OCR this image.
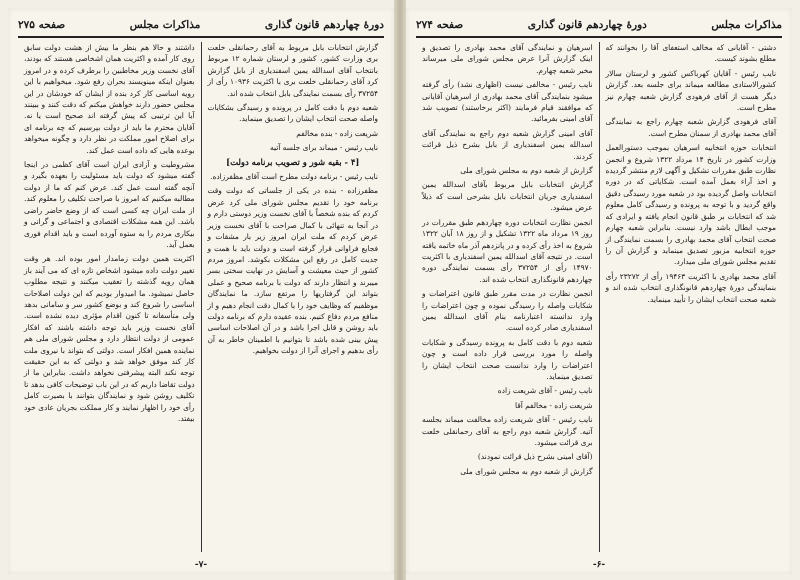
دورهٔ چهاردهم قانون گذاری
مذاکرات مجلس
صفحه ۲۷۵

گزارش انتخابات بابل مربوط به آقای رحمانقلی خلعت بری وزارت کشور، کشور و لرستان شماره ۱۲ مربوط بانتخاب آقای اسدالله یمین اسفندیاری از بابل گزارش کرد آقای رحمانقلی خلعت بری با اکثریت ۱۰۹۳۶ رأی از ۳۷۲۵۴ رأی بسمت نمایندگی بابل انتخاب شده اند.

شعبه دوم با دقت کامل در پرونده و رسیدگی بشکایات واصله صحت انتخاب ایشان را تصدیق مینماید.

شریعت زاده - بنده مخالفم

نایب رئیس - میماند برای جلسه آتیه

[۴ - بقیه شور و تصویب برنامه دولت]

نایب رئیس - برنامه دولت مطرح است آقای مظفرزاده.

مظفرزاده - بنده در یکی از جلساتی که دولت وقت برنامه خود را تقدیم مجلس شورای ملی کرد عرض کردم که بنده شخصاً با آقای نخست وزیر دوستی دارم و در آنجا به تنهائی با کمال صراحت با آقای نخست وزیر عرض کردم که ملت ایران امروز زیر بار مشقات و فجایع فراوانی قرار گرفته است و دولت باید با همت و جدیت کامل در رفع این مشکلات بکوشد. امروز مردم کشور از حیث معیشت و آسایش در نهایت سختی بسر میبرند و انتظار دارند که دولت با برنامه صحیح و عملی بتواند این گرفتاریها را مرتفع سازد. ما نمایندگان موظفیم که وظایف خود را با کمال دقت انجام دهیم و از منافع مردم دفاع کنیم. بنده عقیده دارم که برنامه دولت باید روشن و قابل اجرا باشد و در آن اصلاحات اساسی پیش بینی شده باشد تا بتوانیم با اطمینان خاطر به آن رأی بدهیم و اجرای آنرا از دولت بخواهیم.

داشتند و حالا هم بنظر ما بیش از هشت دولت سابق روی کار آمده و اکثریت همان اشخاصی هستند که بودند، آقای نخست وزیر مخاطبین را برطرف کرده و در امروز بعنوان اینکه مینویسند بحران رفع شود. میخواهیم با این رویه اساسی کار کرد بنده از ایشان که خودشان در این مجلس حضور دارند خواهش میکنم که دقت کنند و ببینند آیا این ترتیبی که پیش گرفته اند صحیح است یا نه. آقایان محترم ما باید از دولت بپرسیم که چه برنامه ای برای اصلاح امور مملکت در نظر دارد و چگونه میخواهد بوعده هایی که داده است عمل کند.

مشروطیت و آزادی ایران است آقای کظمی در اینجا گفته میشود که دولت باید مسئولیت را بعهده بگیرد و آنچه گفته است عمل کند. عرض کنم که ما از دولت مطالبه میکنیم که امروز با صراحت تکلیف را معلوم کند. از ملت ایران چه کسی است که از وضع حاضر راضی باشد. این همه مشکلات اقتصادی و اجتماعی و گرانی و بیکاری مردم را به ستوه آورده است و باید اقدام فوری بعمل آید.

اکثریت همین دولت زمامدار امور بوده اند. هر وقت تغییر دولت داده میشود اشخاص تازه ای که می آیند باز همان رویه گذشته را تعقیب میکنند و نتیجه مطلوب حاصل نمیشود. ما امیدوار بودیم که این دولت اصلاحات اساسی را شروع کند و بوضع کشور سر و سامانی بدهد ولی متأسفانه تا کنون اقدام مؤثری دیده نشده است. آقای نخست وزیر باید توجه داشته باشند که افکار عمومی از دولت انتظار دارد و مجلس شورای ملی هم نماینده همین افکار است. دولتی که بتواند با نیروی ملت کار کند موفق خواهد شد و دولتی که به این حقیقت توجه نکند البته پیشرفتی نخواهد داشت. بنابراین ما از دولت تقاضا داریم که در این باب توضیحات کافی بدهد تا تکلیف روشن شود و نمایندگان بتوانند با بصیرت کامل رأی خود را اظهار نمایند و کار مملکت بجریان عادی خود بیفتد.

-۷-
مذاکرات مجلس
دورهٔ چهاردهم قانون گذاری
صفحه ۲۷۴

دشتی - آقایانی که مخالف استعفای آقا را بخوانند که مطلع بشوند کیست.

نایب رئیس - آقایان کهرباکس کشور و لرستان سالار کشورالاستادی مطالعه میماند برای جلسه بعد. گزارش دیگر هست از آقای فرهودی گزارش شعبه چهارم نیز مطرح است.

آقای فرهودی گزارش شعبه چهارم راجع به نمایندگی آقای محمد بهادری از سمنان مطرح است.

انتخابات حوزه انتخابیه اسرهیان بموجب دستورالعمل وزارت کشور در تاریخ ۱۴ مرداد ۱۳۲۲ شروع و انجمن نظارت طبق مقررات تشکیل و آگهی لازم منتشر گردیده و اخذ آراء بعمل آمده است. شکایاتی که در دوره انتخابات واصل گردیده بود در شعبه مورد رسیدگی دقیق واقع گردید و با توجه به پرونده و رسیدگی کامل معلوم شد که انتخابات بر طبق قانون انجام یافته و ایرادی که موجب ابطال باشد وارد نیست. بنابراین شعبه چهارم صحت انتخاب آقای محمد بهادری را بسمت نمایندگی از حوزه انتخابیه مزبور تصدیق مینماید و گزارش آن را تقدیم مجلس شورای ملی میدارد.

آقای محمد بهادری با اکثریت ۱۹۴۶۳ رأی از ۲۳۲۷۲ رأی بنمایندگی دورهٔ چهاردهم قانونگذاری انتخاب شده اند و شعبه صحت انتخاب ایشان را تأیید مینماید.

اسرهیان و نمایندگی آقای محمد بهادری را تصدیق و اینک گزارش آنرا عرض مجلس شورای ملی میرساند مخبر شعبه چهارم.

نایب رئیس - مخالفی نیست (اظهاری نشد) رأی گرفته میشود بنمایندگی آقای محمد بهادری از اسرهیان آقایانی که موافقند قیام فرمایند (اکثر برخاستند) تصویب شد آقای امینی بفرمائید.

آقای امینی گزارش شعبه دوم راجع به نمایندگی آقای اسدالله یمین اسفندیاری از بابل بشرح ذیل قرائت کردند.

گزارش از شعبه دوم به مجلس شورای ملی

گزارش انتخابات بابل مربوط بآقای اسدالله یمین اسفندیاری جریان انتخابات بابل بشرحی است که ذیلاً عرض میشود.

انجمن نظارت انتخابات دوره چهاردهم طبق مقررات در روز ۱۹ مرداد ماه ۱۳۲۲ تشکیل و از روز ۱۸ آبان ۱۳۲۲ شروع به اخذ رأی کرده و در پانزدهم آذر ماه خاتمه یافته است. در نتیجه آقای اسدالله یمین اسفندیاری با اکثریت ۱۴۹۷۰ رأی از ۳۷۲۵۴ رأی بسمت نمایندگی دوره چهاردهم قانونگذاری انتخاب شده اند.

انجمن نظارت در مدت مقرر طبق قانون اعتراضات و شکایات واصله را رسیدگی نموده و چون اعتراضات را وارد ندانسته اعتبارنامه بنام آقای اسدالله یمین اسفندیاری صادر کرده است.

شعبه دوم با دقت کامل به پرونده رسیدگی و شکایات واصله را مورد بررسی قرار داده است و چون اعتراضات را وارد ندانست صحت انتخاب ایشان را تصدیق مینماید.

نایب رئیس - آقای شریعت زاده

شریعت زاده - مخالفم آقا

نایب رئیس - آقای شریعت زاده مخالفت میماند بجلسه آتیه. گزارش شعبه دوم راجع به آقای رحمانقلی خلعت بری قرائت میشود.

(آقای امینی بشرح ذیل قرائت نمودند)

گزارش از شعبه دوم به مجلس شورای ملی

-۶-
